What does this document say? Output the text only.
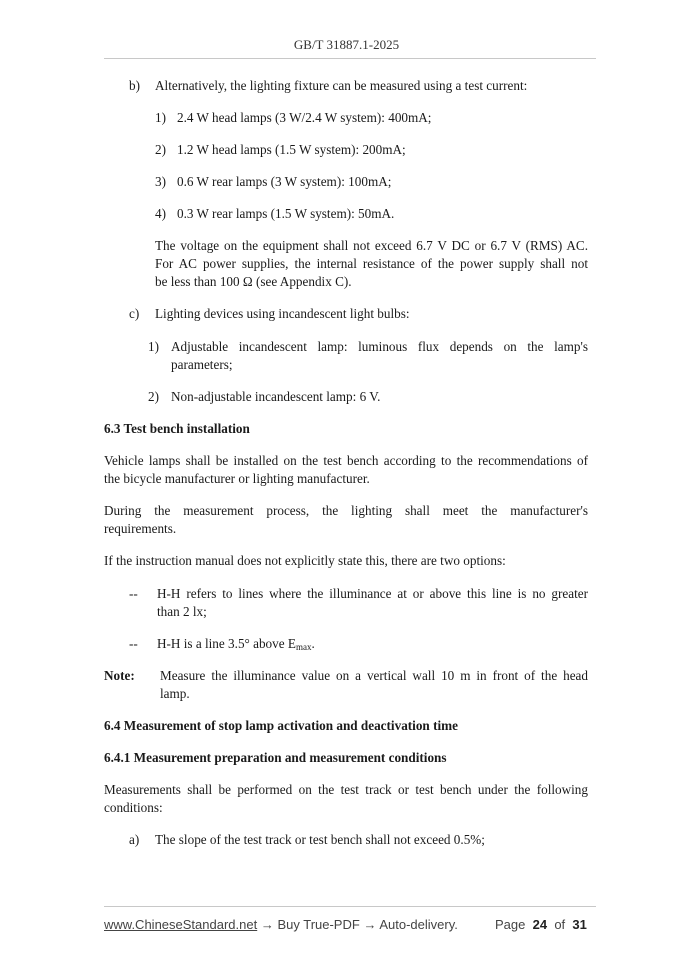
GB/T 31887.1-2025
b) Alternatively, the lighting fixture can be measured using a test current:
1) 2.4 W head lamps (3 W/2.4 W system): 400mA;
2) 1.2 W head lamps (1.5 W system): 200mA;
3) 0.6 W rear lamps (3 W system): 100mA;
4) 0.3 W rear lamps (1.5 W system): 50mA.
The voltage on the equipment shall not exceed 6.7 V DC or 6.7 V (RMS) AC.
For AC power supplies, the internal resistance of the power supply shall not
be less than 100 Ω (see Appendix C).
c) Lighting devices using incandescent light bulbs:
1) Adjustable incandescent lamp: luminous flux depends on the lamp's
parameters;
2) Non-adjustable incandescent lamp: 6 V.
6.3 Test bench installation
Vehicle lamps shall be installed on the test bench according to the recommendations of
the bicycle manufacturer or lighting manufacturer.
During the measurement process, the lighting shall meet the manufacturer's
requirements.
If the instruction manual does not explicitly state this, there are two options:
-- H-H refers to lines where the illuminance at or above this line is no greater
than 2 lx;
-- H-H is a line 3.5° above $E_{max}$.
Note: Measure the illuminance value on a vertical wall 10 m in front of the head
lamp.
6.4 Measurement of stop lamp activation and deactivation time
6.4.1 Measurement preparation and measurement conditions
Measurements shall be performed on the test track or test bench under the following
conditions:
a) The slope of the test track or test bench shall not exceed 0.5%;
www.ChineseStandard.net → Buy True-PDF → Auto-delivery.	Page 24 of 31
